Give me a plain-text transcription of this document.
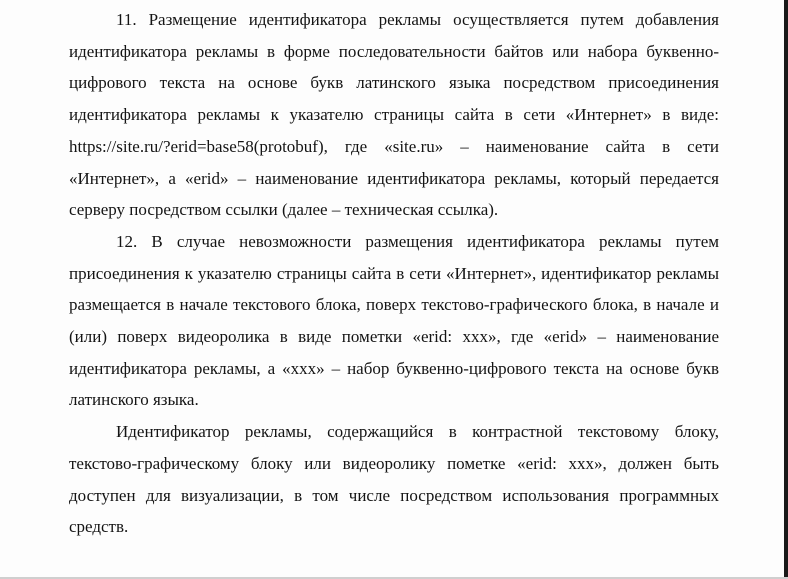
11. Размещение идентификатора рекламы осуществляется путем добавления идентификатора рекламы в форме последовательности байтов или набора буквенно-цифрового текста на основе букв латинского языка посредством присоединения идентификатора рекламы к указателю страницы сайта в сети «Интернет» в виде: https://site.ru/?erid=base58(protobuf), где «site.ru» – наименование сайта в сети «Интернет», а «erid» – наименование идентификатора рекламы, который передается серверу посредством ссылки (далее – техническая ссылка).

12. В случае невозможности размещения идентификатора рекламы путем присоединения к указателю страницы сайта в сети «Интернет», идентификатор рекламы размещается в начале текстового блока, поверх текстово-графического блока, в начале и (или) поверх видеоролика в виде пометки «erid: xxx», где «erid» – наименование идентификатора рекламы, а «xxx» – набор буквенно-цифрового текста на основе букв латинского языка.

Идентификатор рекламы, содержащийся в контрастной текстовому блоку, текстово-графическому блоку или видеоролику пометке «erid: xxx», должен быть доступен для визуализации, в том числе посредством использования программных средств.
